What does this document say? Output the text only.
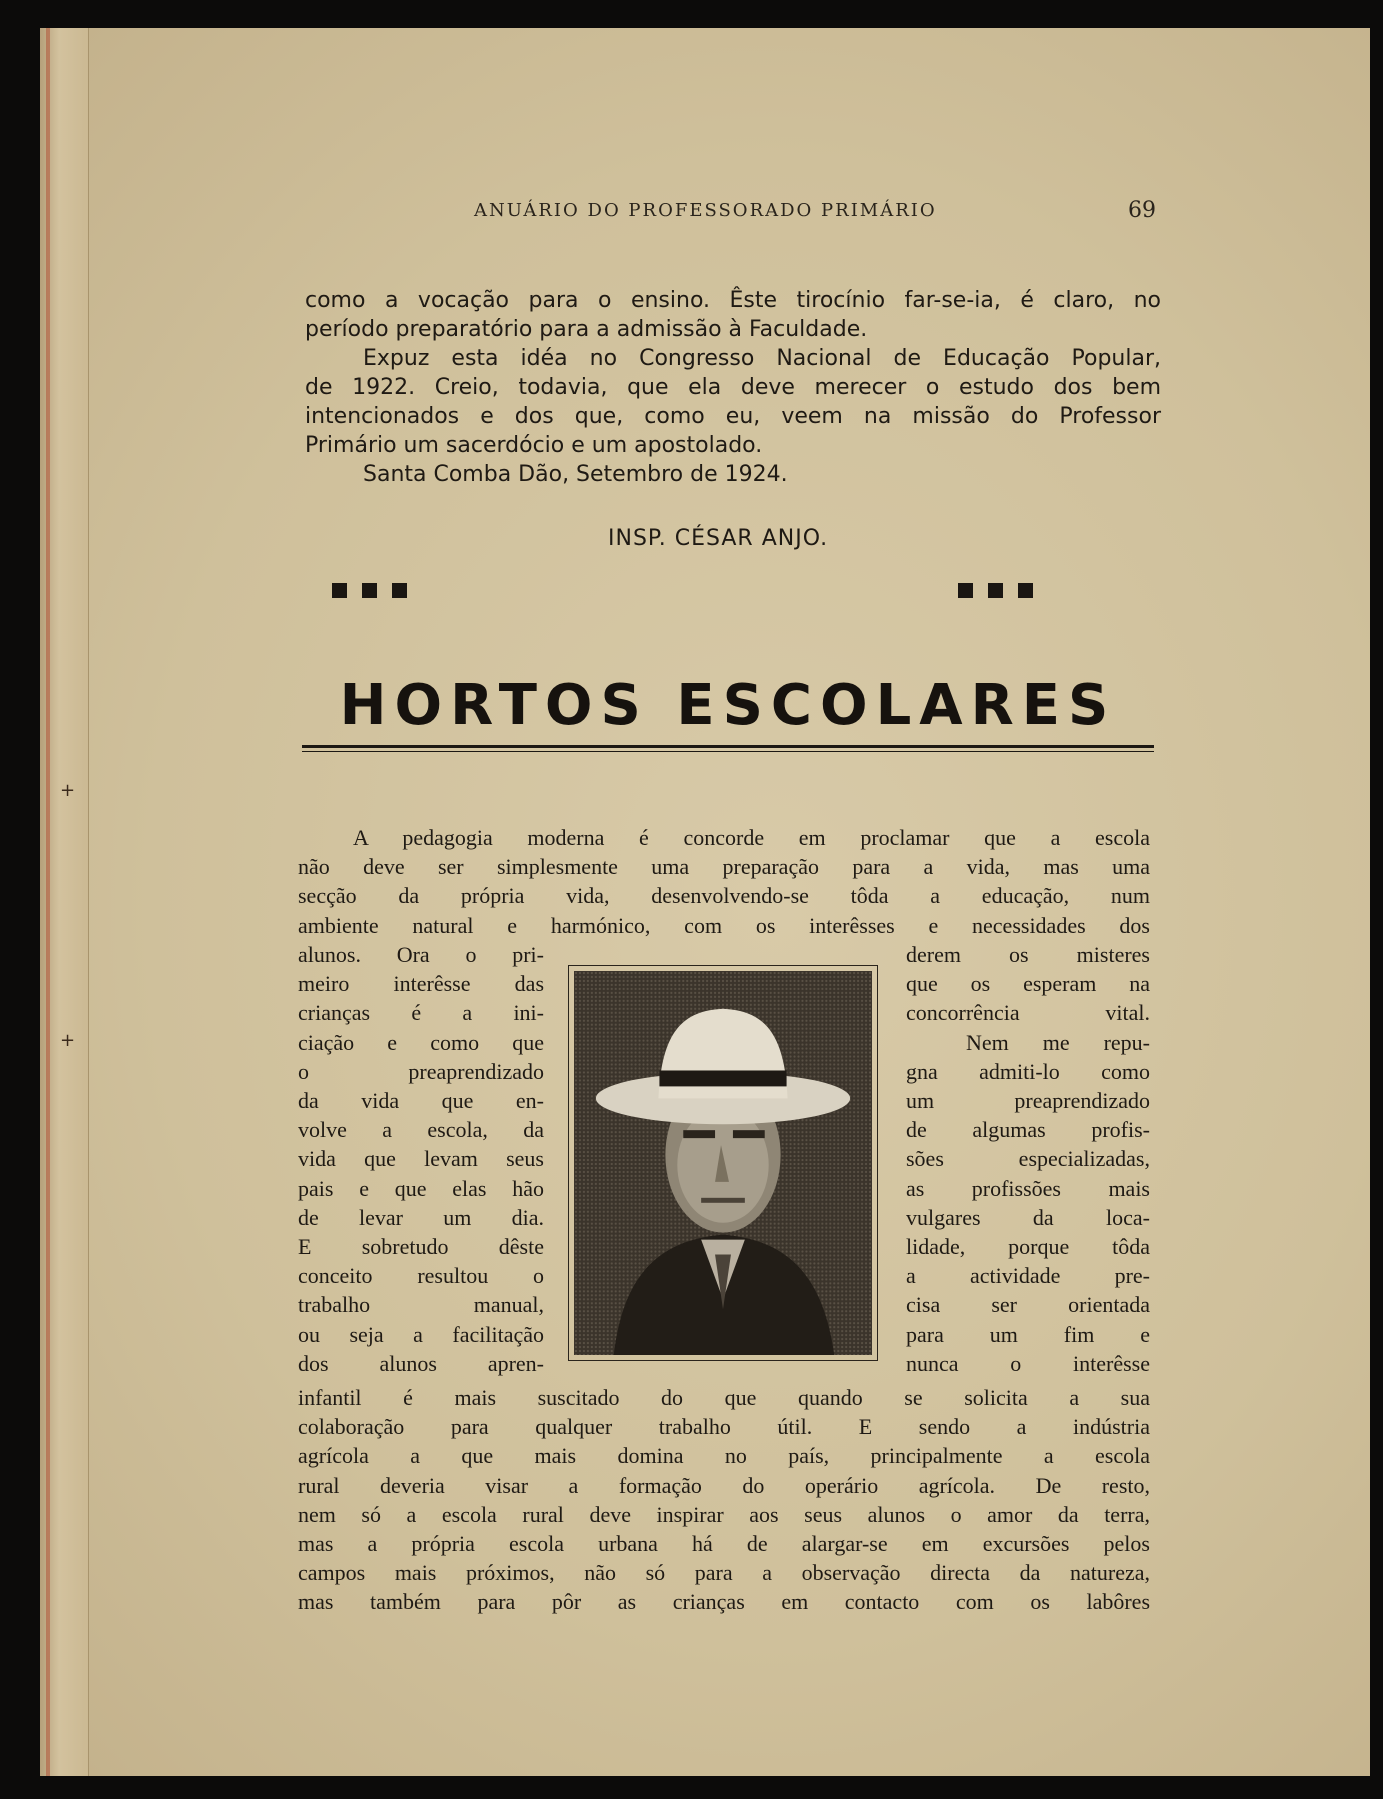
+
+
ANUÁRIO DO PROFESSORADO PRIMÁRIO	69
como a vocação para o ensino. Êste tirocínio far-se-ia, é claro, no
período preparatório para a admissão à Faculdade.
Expuz esta idéa no Congresso Nacional de Educação Popular,
de 1922. Creio, todavia, que ela deve merecer o estudo dos bem
intencionados e dos que, como eu, veem na missão do Professor
Primário um sacerdócio e um apostolado.
Santa Comba Dão, Setembro de 1924.
INSP. CÉSAR ANJO.
HORTOS ESCOLARES
A pedagogia moderna é concorde em proclamar que a escola
não deve ser simplesmente uma preparação para a vida, mas uma
secção da própria vida, desenvolvendo-se tôda a educação, num
ambiente natural e harmónico, com os interêsses e necessidades dos
alunos. Ora o pri-
meiro interêsse das
crianças é a ini-
ciação e como que
o preaprendizado
da vida que en-
volve a escola, da
vida que levam seus
pais e que elas hão
de levar um dia.
E sobretudo dêste
conceito resultou o
trabalho manual,
ou seja a facilitação
dos alunos apren-
derem os misteres
que os esperam na
concorrência vital.
Nem me repu-
gna admiti-lo como
um preaprendizado
de algumas profis-
sões especializadas,
as profissões mais
vulgares da loca-
lidade, porque tôda
a actividade pre-
cisa ser orientada
para um fim e
nunca o interêsse
infantil é mais suscitado do que quando se solicita a sua
colaboração para qualquer trabalho útil. E sendo a indústria
agrícola a que mais domina no país, principalmente a escola
rural deveria visar a formação do operário agrícola. De resto,
nem só a escola rural deve inspirar aos seus alunos o amor da terra,
mas a própria escola urbana há de alargar-se em excursões pelos
campos mais próximos, não só para a observação directa da natureza,
mas também para pôr as crianças em contacto com os labôres
